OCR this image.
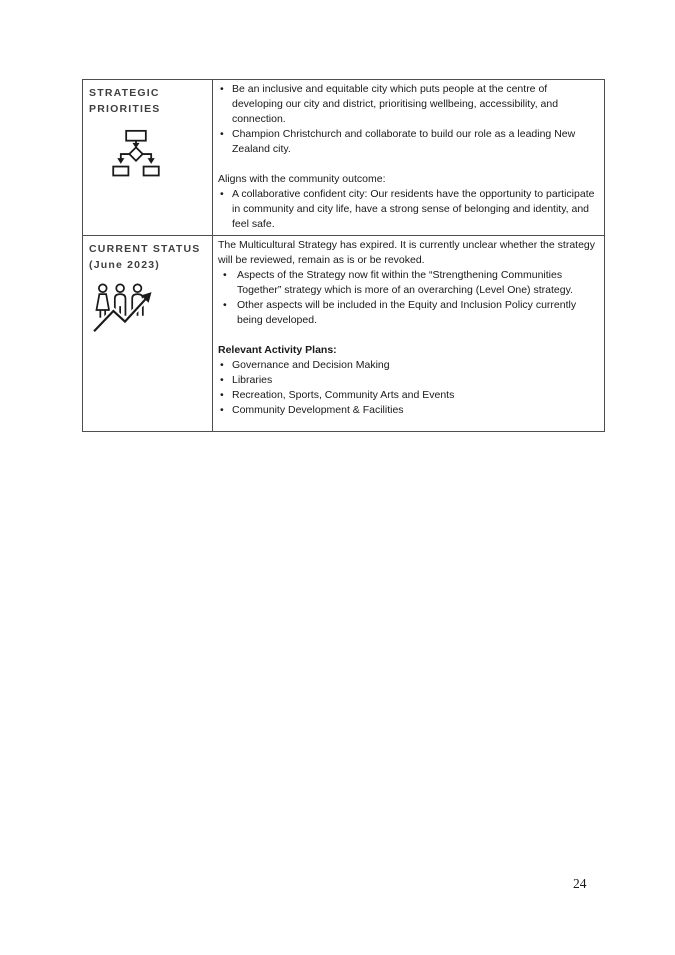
STRATEGIC PRIORITIES
• Be an inclusive and equitable city which puts people at the centre of developing our city and district, prioritising wellbeing, accessibility, and connection.
• Champion Christchurch and collaborate to build our role as a leading New Zealand city.
Aligns with the community outcome:
• A collaborative confident city: Our residents have the opportunity to participate in community and city life, have a strong sense of belonging and identity, and feel safe.
CURRENT STATUS
(June 2023)
The Multicultural Strategy has expired. It is currently unclear whether the strategy will be reviewed, remain as is or be revoked.
• Aspects of the Strategy now fit within the “Strengthening Communities Together” strategy which is more of an overarching (Level One) strategy.
• Other aspects will be included in the Equity and Inclusion Policy currently being developed.
Relevant Activity Plans:
• Governance and Decision Making
• Libraries
• Recreation, Sports, Community Arts and Events
• Community Development & Facilities
24
